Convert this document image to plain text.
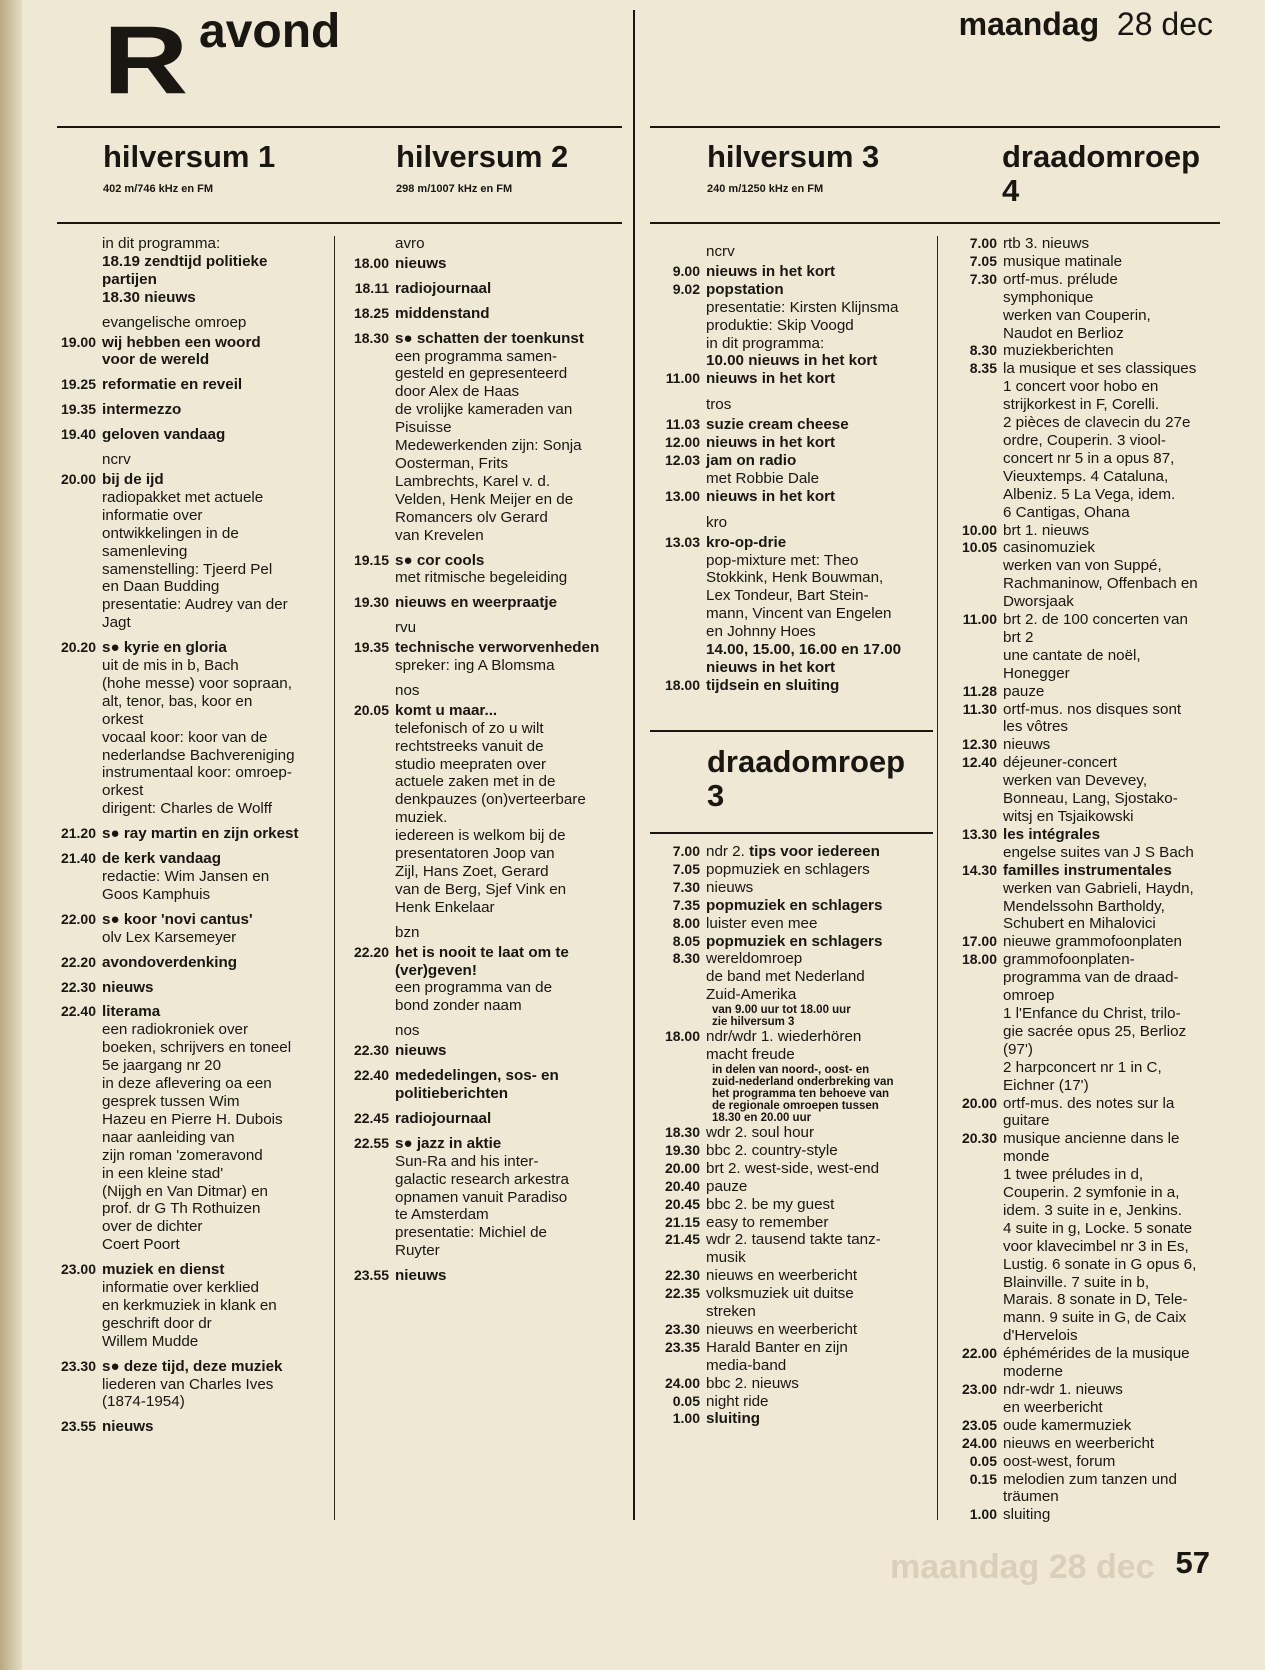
maandag 28 dec
R avond	maandag 28 dec
hilversum 1
402 m/746 kHz en FM
hilversum 2
298 m/1007 kHz en FM
hilversum 3
240 m/1250 kHz en FM
draadomroep 4
draadomroep 3
in dit programma:
18.19 zendtijd politieke
partijen
18.30 nieuws
evangelische omroep
19.00 wij hebben een woord
voor de wereld
19.25 reformatie en reveil
19.35 intermezzo
19.40 geloven vandaag
ncrv
20.00 bij de ijd
radiopakket met actuele
informatie over
ontwikkelingen in de
samenleving
samenstelling: Tjeerd Pel
en Daan Budding
presentatie: Audrey van der
Jagt
20.20 s● kyrie en gloria
uit de mis in b, Bach
(hohe messe) voor sopraan,
alt, tenor, bas, koor en
orkest
vocaal koor: koor van de
nederlandse Bachvereniging
instrumentaal koor: omroep-
orkest
dirigent: Charles de Wolff
21.20 s● ray martin en zijn orkest
21.40 de kerk vandaag
redactie: Wim Jansen en
Goos Kamphuis
22.00 s● koor 'novi cantus'
olv Lex Karsemeyer
22.20 avondoverdenking
22.30 nieuws
22.40 literama
een radiokroniek over
boeken, schrijvers en toneel
5e jaargang nr 20
in deze aflevering oa een
gesprek tussen Wim
Hazeu en Pierre H. Dubois
naar aanleiding van
zijn roman 'zomeravond
in een kleine stad'
(Nijgh en Van Ditmar) en
prof. dr G Th Rothuizen
over de dichter
Coert Poort
23.00 muziek en dienst
informatie over kerklied
en kerkmuziek in klank en
geschrift door dr
Willem Mudde
23.30 s● deze tijd, deze muziek
liederen van Charles Ives
(1874-1954)
23.55 nieuws
avro
18.00 nieuws
18.11 radiojournaal
18.25 middenstand
18.30 s● schatten der toenkunst
een programma samen-
gesteld en gepresenteerd
door Alex de Haas
de vrolijke kameraden van
Pisuisse
Medewerkenden zijn: Sonja
Oosterman, Frits
Lambrechts, Karel v. d.
Velden, Henk Meijer en de
Romancers olv Gerard
van Krevelen
19.15 s● cor cools
met ritmische begeleiding
19.30 nieuws en weerpraatje
rvu
19.35 technische verworvenheden
spreker: ing A Blomsma
nos
20.05 komt u maar...
telefonisch of zo u wilt
rechtstreeks vanuit de
studio meepraten over
actuele zaken met in de
denkpauzes (on)verteerbare
muziek.
iedereen is welkom bij de
presentatoren Joop van
Zijl, Hans Zoet, Gerard
van de Berg, Sjef Vink en
Henk Enkelaar
bzn
22.20 het is nooit te laat om te
(ver)geven!
een programma van de
bond zonder naam
nos
22.30 nieuws
22.40 mededelingen, sos- en
politieberichten
22.45 radiojournaal
22.55 s● jazz in aktie
Sun-Ra and his inter-
galactic research arkestra
opnamen vanuit Paradiso
te Amsterdam
presentatie: Michiel de
Ruyter
23.55 nieuws
ncrv
9.00 nieuws in het kort
9.02 popstation
presentatie: Kirsten Klijnsma
produktie: Skip Voogd
in dit programma:
10.00 nieuws in het kort
11.00 nieuws in het kort
tros
11.03 suzie cream cheese
12.00 nieuws in het kort
12.03 jam on radio
met Robbie Dale
13.00 nieuws in het kort
kro
13.03 kro-op-drie
pop-mixture met: Theo
Stokkink, Henk Bouwman,
Lex Tondeur, Bart Stein-
mann, Vincent van Engelen
en Johnny Hoes
14.00, 15.00, 16.00 en 17.00
nieuws in het kort
18.00 tijdsein en sluiting
7.00 ndr 2. tips voor iedereen
7.05 popmuziek en schlagers
7.30 nieuws
7.35 popmuziek en schlagers
8.00 luister even mee
8.05 popmuziek en schlagers
8.30 wereldomroep
de band met Nederland
Zuid-Amerika
van 9.00 uur tot 18.00 uur
zie hilversum 3
18.00 ndr/wdr 1. wiederhören
macht freude
in delen van noord-, oost- en
zuid-nederland onderbreking van
het programma ten behoeve van
de regionale omroepen tussen
18.30 en 20.00 uur
18.30 wdr 2. soul hour
19.30 bbc 2. country-style
20.00 brt 2. west-side, west-end
20.40 pauze
20.45 bbc 2. be my guest
21.15 easy to remember
21.45 wdr 2. tausend takte tanz-
musik
22.30 nieuws en weerbericht
22.35 volksmuziek uit duitse
streken
23.30 nieuws en weerbericht
23.35 Harald Banter en zijn
media-band
24.00 bbc 2. nieuws
0.05 night ride
1.00 sluiting
7.00 rtb 3. nieuws
7.05 musique matinale
7.30 ortf-mus. prélude
symphonique
werken van Couperin,
Naudot en Berlioz
8.30 muziekberichten
8.35 la musique et ses classiques
1 concert voor hobo en
strijkorkest in F, Corelli.
2 pièces de clavecin du 27e
ordre, Couperin. 3 viool-
concert nr 5 in a opus 87,
Vieuxtemps. 4 Cataluna,
Albeniz. 5 La Vega, idem.
6 Cantigas, Ohana
10.00 brt 1. nieuws
10.05 casinomuziek
werken van von Suppé,
Rachmaninow, Offenbach en
Dworsjaak
11.00 brt 2. de 100 concerten van
brt 2
une cantate de noël,
Honegger
11.28 pauze
11.30 ortf-mus. nos disques sont
les vôtres
12.30 nieuws
12.40 déjeuner-concert
werken van Devevey,
Bonneau, Lang, Sjostako-
witsj en Tsjaikowski
13.30 les intégrales
engelse suites van J S Bach
14.30 familles instrumentales
werken van Gabrieli, Haydn,
Mendelssohn Bartholdy,
Schubert en Mihalovici
17.00 nieuwe grammofoonplaten
18.00 grammofoonplaten-
programma van de draad-
omroep
1 l'Enfance du Christ, trilo-
gie sacrée opus 25, Berlioz
(97')
2 harpconcert nr 1 in C,
Eichner (17')
20.00 ortf-mus. des notes sur la
guitare
20.30 musique ancienne dans le
monde
1 twee préludes in d,
Couperin. 2 symfonie in a,
idem. 3 suite in e, Jenkins.
4 suite in g, Locke. 5 sonate
voor klavecimbel nr 3 in Es,
Lustig. 6 sonate in G opus 6,
Blainville. 7 suite in b,
Marais. 8 sonate in D, Tele-
mann. 9 suite in G, de Caix
d'Hervelois
22.00 éphémérides de la musique
moderne
23.00 ndr-wdr 1. nieuws
en weerbericht
23.05 oude kamermuziek
24.00 nieuws en weerbericht
0.05 oost-west, forum
0.15 melodien zum tanzen und
träumen
1.00 sluiting
57
